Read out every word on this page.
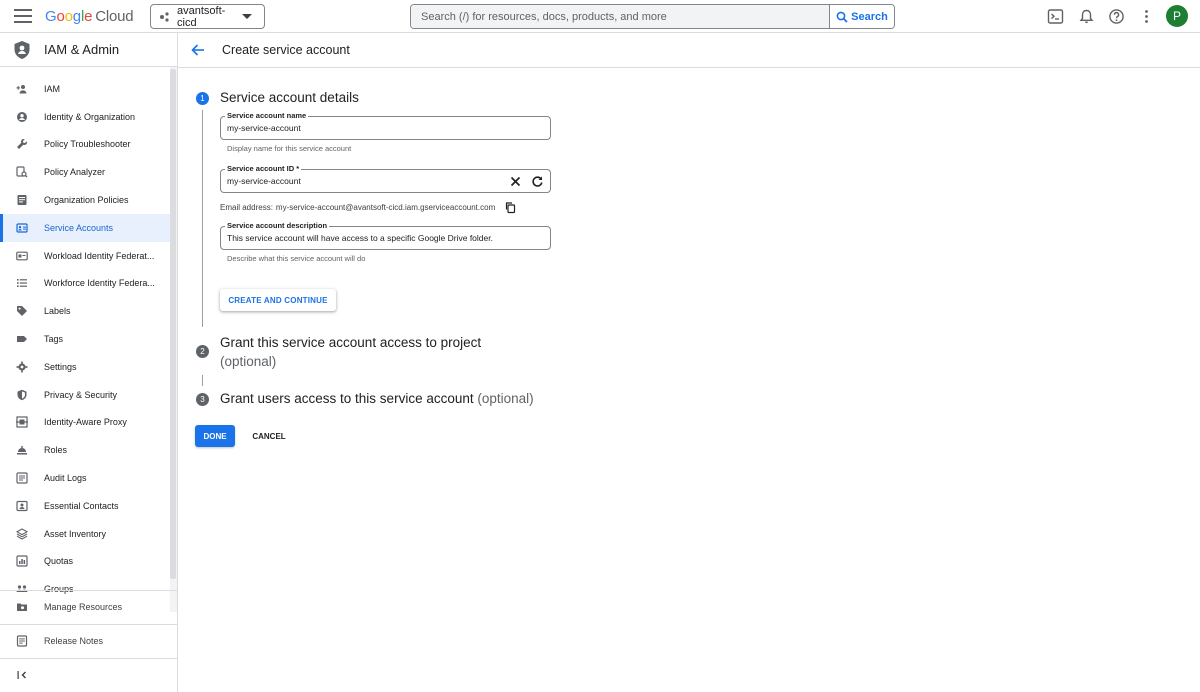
Google Cloud	avantsoft-cicd
Search (/) for resources, docs, products, and more	Search	P
IAM & Admin
IAM
Identity & Organization
Policy Troubleshooter
Policy Analyzer
Organization Policies
Service Accounts
Workload Identity Federat...
Workforce Identity Federa...
Labels
Tags
Settings
Privacy & Security
Identity-Aware Proxy
Roles
Audit Logs
Essential Contacts
Asset Inventory
Quotas
Groups
Manage Resources
Release Notes
Create service account
1	Service account details
Service account name
my-service-account
Display name for this service account
Service account ID *
my-service-account
Email address: my-service-account@avantsoft-cicd.iam.gserviceaccount.com
Service account description
This service account will have access to a specific Google Drive folder.
Describe what this service account will do
CREATE AND CONTINUE
2
Grant this service account access to project
(optional)
3	Grant users access to this service account (optional)
DONE	CANCEL
